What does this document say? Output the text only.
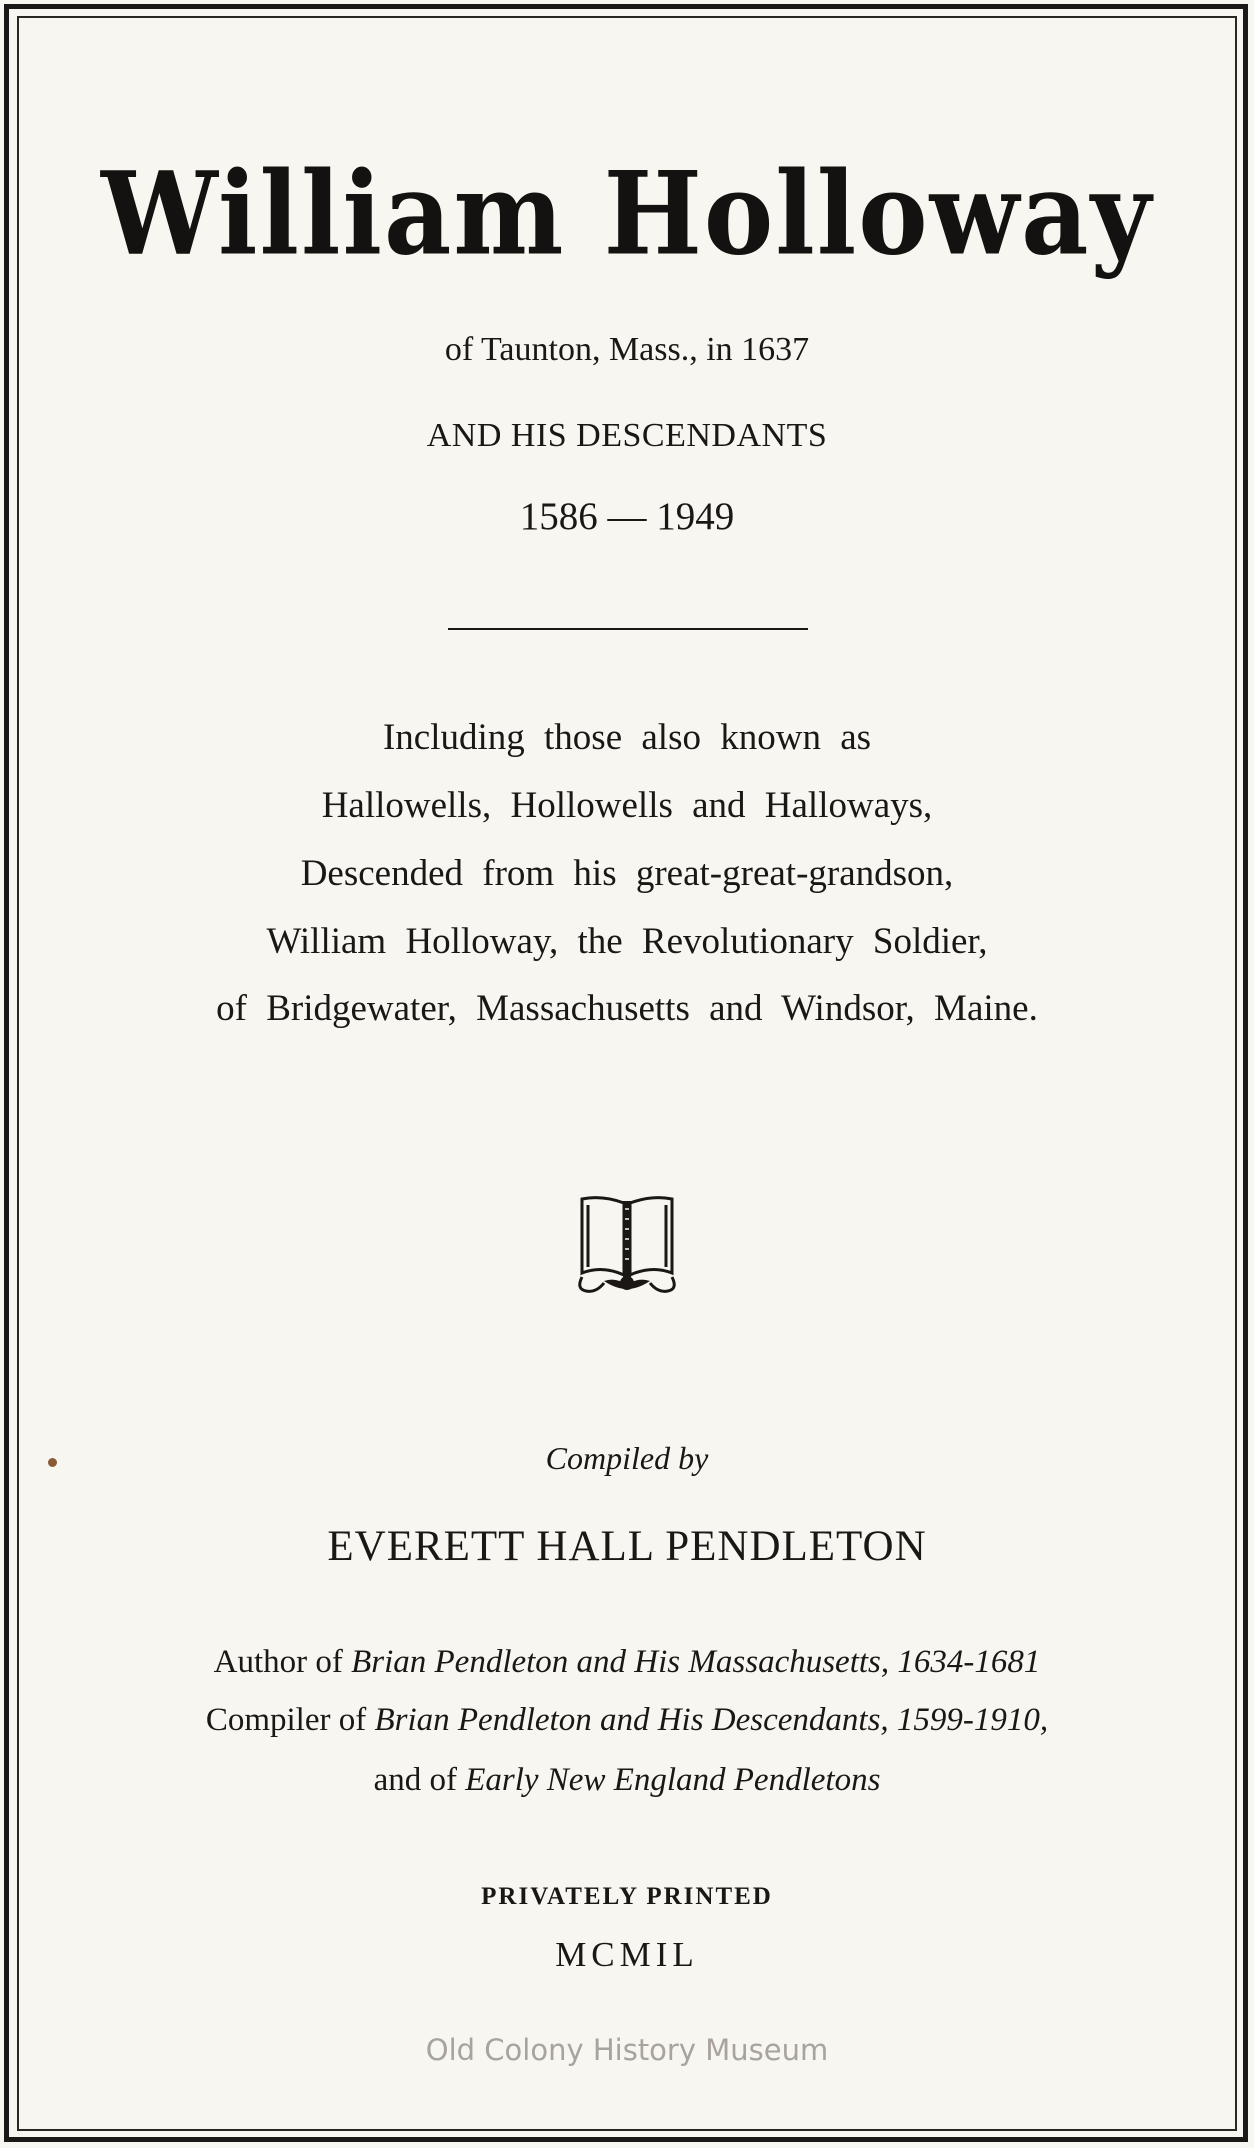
William Holloway
of Taunton, Mass., in 1637
AND HIS DESCENDANTS
1586 — 1949
Including those also known as
Hallowells, Hollowells and Halloways,
Descended from his great-great-grandson,
William Holloway, the Revolutionary Soldier,
of Bridgewater, Massachusetts and Windsor, Maine.
Compiled by
EVERETT HALL PENDLETON
Author of Brian Pendleton and His Massachusetts, 1634-1681
Compiler of Brian Pendleton and His Descendants, 1599-1910,
and of Early New England Pendletons
PRIVATELY PRINTED
MCMIL
Old Colony History Museum
